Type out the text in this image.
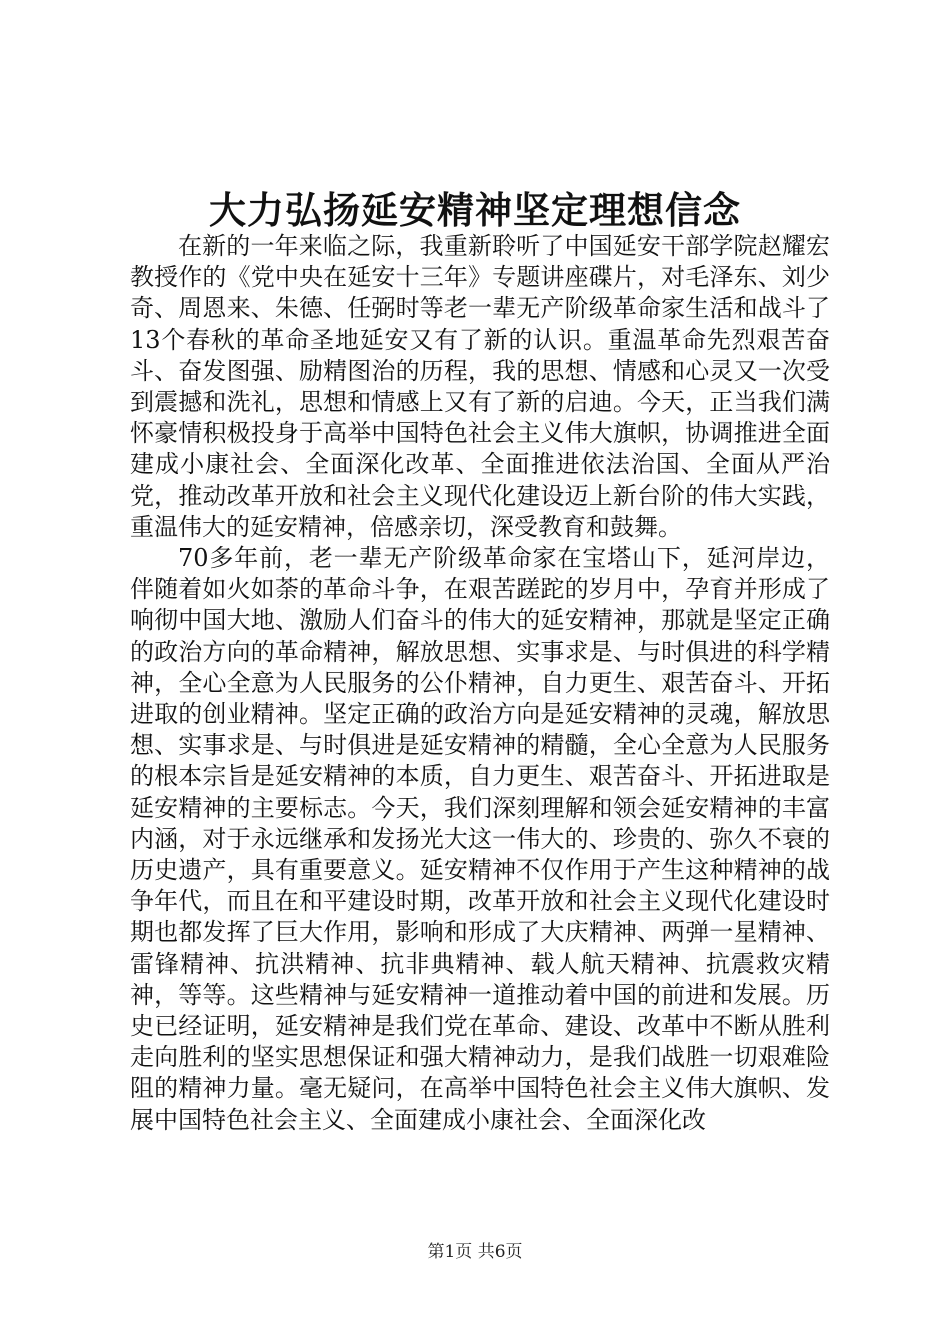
大力弘扬延安精神坚定理想信念

在新的一年来临之际，我重新聆听了中国延安干部学院赵耀宏教授作的《党中央在延安十三年》专题讲座碟片，对毛泽东、刘少奇、周恩来、朱德、任弼时等老一辈无产阶级革命家生活和战斗了13个春秋的革命圣地延安又有了新的认识。重温革命先烈艰苦奋斗、奋发图强、励精图治的历程，我的思想、情感和心灵又一次受到震撼和洗礼，思想和情感上又有了新的启迪。今天，正当我们满怀豪情积极投身于高举中国特色社会主义伟大旗帜，协调推进全面建成小康社会、全面深化改革、全面推进依法治国、全面从严治党，推动改革开放和社会主义现代化建设迈上新台阶的伟大实践，重温伟大的延安精神，倍感亲切，深受教育和鼓舞。

70多年前，老一辈无产阶级革命家在宝塔山下，延河岸边，伴随着如火如荼的革命斗争，在艰苦蹉跎的岁月中，孕育并形成了响彻中国大地、激励人们奋斗的伟大的延安精神，那就是坚定正确的政治方向的革命精神，解放思想、实事求是、与时俱进的科学精神，全心全意为人民服务的公仆精神，自力更生、艰苦奋斗、开拓进取的创业精神。坚定正确的政治方向是延安精神的灵魂，解放思想、实事求是、与时俱进是延安精神的精髓，全心全意为人民服务的根本宗旨是延安精神的本质，自力更生、艰苦奋斗、开拓进取是延安精神的主要标志。今天，我们深刻理解和领会延安精神的丰富内涵，对于永远继承和发扬光大这一伟大的、珍贵的、弥久不衰的历史遗产，具有重要意义。延安精神不仅作用于产生这种精神的战争年代，而且在和平建设时期，改革开放和社会主义现代化建设时期也都发挥了巨大作用，影响和形成了大庆精神、两弹一星精神、雷锋精神、抗洪精神、抗非典精神、载人航天精神、抗震救灾精神，等等。这些精神与延安精神一道推动着中国的前进和发展。历史已经证明，延安精神是我们党在革命、建设、改革中不断从胜利走向胜利的坚实思想保证和强大精神动力，是我们战胜一切艰难险阻的精神力量。毫无疑问，在高举中国特色社会主义伟大旗帜、发展中国特色社会主义、全面建成小康社会、全面深化改

第1页 共6页
